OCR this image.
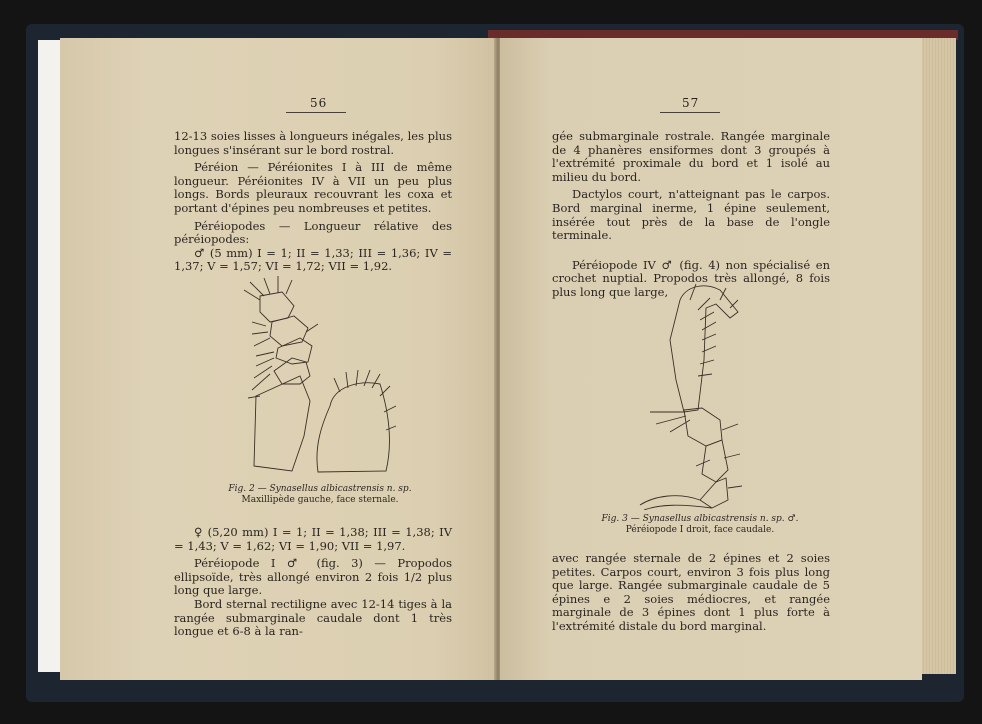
56

12-13 soies lisses à longueurs inégales, les plus longues s'insérant sur le bord rostral.

Péréion — Péréionites I à III de même longueur. Péréionites IV à VII un peu plus longs. Bords pleuraux recouvrant les coxa et portant d'épines peu nombreuses et petites.

Péréiopodes — Longueur rélative des péréiopodes:

♂ (5 mm) I = 1; II = 1,33; III = 1,36; IV = 1,37; V = 1,57; VI = 1,72; VII = 1,92.

Fig. 2 — Synasellus albicastrensis n. sp.
Maxillipède gauche, face sternale.

♀ (5,20 mm) I = 1; II = 1,38; III = 1,38; IV = 1,43; V = 1,62; VI = 1,90; VII = 1,97.

Péréiopode I ♂ (fig. 3) — Propodos ellipsoïde, très allongé environ 2 fois 1/2 plus long que large.

Bord sternal rectiligne avec 12-14 tiges à la rangée submarginale caudale dont 1 très longue et 6-8 à la ran-

57

gée submarginale rostrale. Rangée marginale de 4 phanères ensiformes dont 3 groupés à l'extrémité proximale du bord et 1 isolé au milieu du bord.

Dactylos court, n'atteignant pas le carpos. Bord marginal inerme, 1 épine seulement, insérée tout près de la base de l'ongle terminale.

Péréiopode IV ♂ (fig. 4) non spécialisé en crochet nuptial. Propodos très allongé, 8 fois plus long que large,

Fig. 3 — Synasellus albicastrensis n. sp. ♂.
Péréiopode I droit, face caudale.

avec rangée sternale de 2 épines et 2 soies petites. Carpos court, environ 3 fois plus long que large. Rangée submarginale caudale de 5 épines e 2 soies médiocres, et rangée marginale de 3 épines dont 1 plus forte à l'extrémité distale du bord marginal.
